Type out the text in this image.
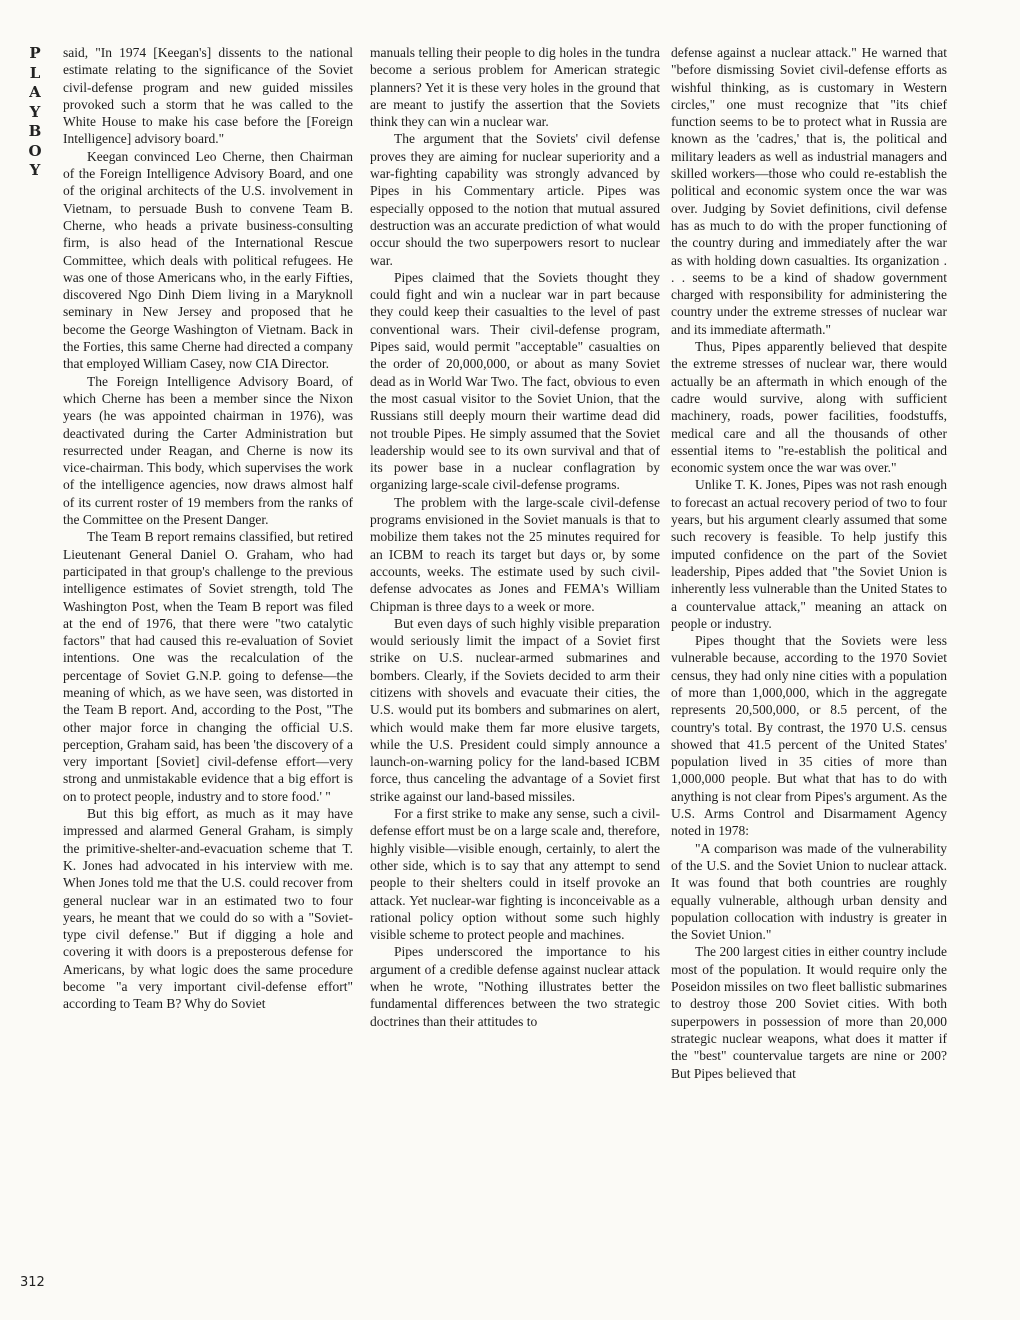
P
L
A
Y
B
O
Y

said, "In 1974 [Keegan's] dissents to the national estimate relating to the significance of the Soviet civil-defense program and new guided missiles provoked such a storm that he was called to the White House to make his case before the [Foreign Intelligence] advisory board."

Keegan convinced Leo Cherne, then Chairman of the Foreign Intelligence Advisory Board, and one of the original architects of the U.S. involvement in Vietnam, to persuade Bush to convene Team B. Cherne, who heads a private business-consulting firm, is also head of the International Rescue Committee, which deals with political refugees. He was one of those Americans who, in the early Fifties, discovered Ngo Dinh Diem living in a Maryknoll seminary in New Jersey and proposed that he become the George Washington of Vietnam. Back in the Forties, this same Cherne had directed a company that employed William Casey, now CIA Director.

The Foreign Intelligence Advisory Board, of which Cherne has been a member since the Nixon years (he was appointed chairman in 1976), was deactivated during the Carter Administration but resurrected under Reagan, and Cherne is now its vice-chairman. This body, which supervises the work of the intelligence agencies, now draws almost half of its current roster of 19 members from the ranks of the Committee on the Present Danger.

The Team B report remains classified, but retired Lieutenant General Daniel O. Graham, who had participated in that group's challenge to the previous intelligence estimates of Soviet strength, told The Washington Post, when the Team B report was filed at the end of 1976, that there were "two catalytic factors" that had caused this re-evaluation of Soviet intentions. One was the recalculation of the percentage of Soviet G.N.P. going to defense—the meaning of which, as we have seen, was distorted in the Team B report. And, according to the Post, "The other major force in changing the official U.S. perception, Graham said, has been 'the discovery of a very important [Soviet] civil-defense effort—very strong and unmistakable evidence that a big effort is on to protect people, industry and to store food.' "

But this big effort, as much as it may have impressed and alarmed General Graham, is simply the primitive-shelter-and-evacuation scheme that T. K. Jones had advocated in his interview with me. When Jones told me that the U.S. could recover from general nuclear war in an estimated two to four years, he meant that we could do so with a "Soviet-type civil defense." But if digging a hole and covering it with doors is a preposterous defense for Americans, by what logic does the same procedure become "a very important civil-defense effort" according to Team B? Why do Soviet

manuals telling their people to dig holes in the tundra become a serious problem for American strategic planners? Yet it is these very holes in the ground that are meant to justify the assertion that the Soviets think they can win a nuclear war.

The argument that the Soviets' civil defense proves they are aiming for nuclear superiority and a war-fighting capability was strongly advanced by Pipes in his Commentary article. Pipes was especially opposed to the notion that mutual assured destruction was an accurate prediction of what would occur should the two superpowers resort to nuclear war.

Pipes claimed that the Soviets thought they could fight and win a nuclear war in part because they could keep their casualties to the level of past conventional wars. Their civil-defense program, Pipes said, would permit "acceptable" casualties on the order of 20,000,000, or about as many Soviet dead as in World War Two. The fact, obvious to even the most casual visitor to the Soviet Union, that the Russians still deeply mourn their wartime dead did not trouble Pipes. He simply assumed that the Soviet leadership would see to its own survival and that of its power base in a nuclear conflagration by organizing large-scale civil-defense programs.

The problem with the large-scale civil-defense programs envisioned in the Soviet manuals is that to mobilize them takes not the 25 minutes required for an ICBM to reach its target but days or, by some accounts, weeks. The estimate used by such civil-defense advocates as Jones and FEMA's William Chipman is three days to a week or more.

But even days of such highly visible preparation would seriously limit the impact of a Soviet first strike on U.S. nuclear-armed submarines and bombers. Clearly, if the Soviets decided to arm their citizens with shovels and evacuate their cities, the U.S. would put its bombers and submarines on alert, which would make them far more elusive targets, while the U.S. President could simply announce a launch-on-warning policy for the land-based ICBM force, thus canceling the advantage of a Soviet first strike against our land-based missiles.

For a first strike to make any sense, such a civil-defense effort must be on a large scale and, therefore, highly visible—visible enough, certainly, to alert the other side, which is to say that any attempt to send people to their shelters could in itself provoke an attack. Yet nuclear-war fighting is inconceivable as a rational policy option without some such highly visible scheme to protect people and machines.

Pipes underscored the importance to his argument of a credible defense against nuclear attack when he wrote, "Nothing illustrates better the fundamental differences between the two strategic doctrines than their attitudes to

defense against a nuclear attack." He warned that "before dismissing Soviet civil-defense efforts as wishful thinking, as is customary in Western circles," one must recognize that "its chief function seems to be to protect what in Russia are known as the 'cadres,' that is, the political and military leaders as well as industrial managers and skilled workers—those who could re-establish the political and economic system once the war was over. Judging by Soviet definitions, civil defense has as much to do with the proper functioning of the country during and immediately after the war as with holding down casualties. Its organization . . . seems to be a kind of shadow government charged with responsibility for administering the country under the extreme stresses of nuclear war and its immediate aftermath."

Thus, Pipes apparently believed that despite the extreme stresses of nuclear war, there would actually be an aftermath in which enough of the cadre would survive, along with sufficient machinery, roads, power facilities, foodstuffs, medical care and all the thousands of other essential items to "re-establish the political and economic system once the war was over."

Unlike T. K. Jones, Pipes was not rash enough to forecast an actual recovery period of two to four years, but his argument clearly assumed that some such recovery is feasible. To help justify this imputed confidence on the part of the Soviet leadership, Pipes added that "the Soviet Union is inherently less vulnerable than the United States to a countervalue attack," meaning an attack on people or industry.

Pipes thought that the Soviets were less vulnerable because, according to the 1970 Soviet census, they had only nine cities with a population of more than 1,000,000, which in the aggregate represents 20,500,000, or 8.5 percent, of the country's total. By contrast, the 1970 U.S. census showed that 41.5 percent of the United States' population lived in 35 cities of more than 1,000,000 people. But what that has to do with anything is not clear from Pipes's argument. As the U.S. Arms Control and Disarmament Agency noted in 1978:

"A comparison was made of the vulnerability of the U.S. and the Soviet Union to nuclear attack. It was found that both countries are roughly equally vulnerable, although urban density and population collocation with industry is greater in the Soviet Union."

The 200 largest cities in either country include most of the population. It would require only the Poseidon missiles on two fleet ballistic submarines to destroy those 200 Soviet cities. With both superpowers in possession of more than 20,000 strategic nuclear weapons, what does it matter if the "best" countervalue targets are nine or 200? But Pipes believed that

312
